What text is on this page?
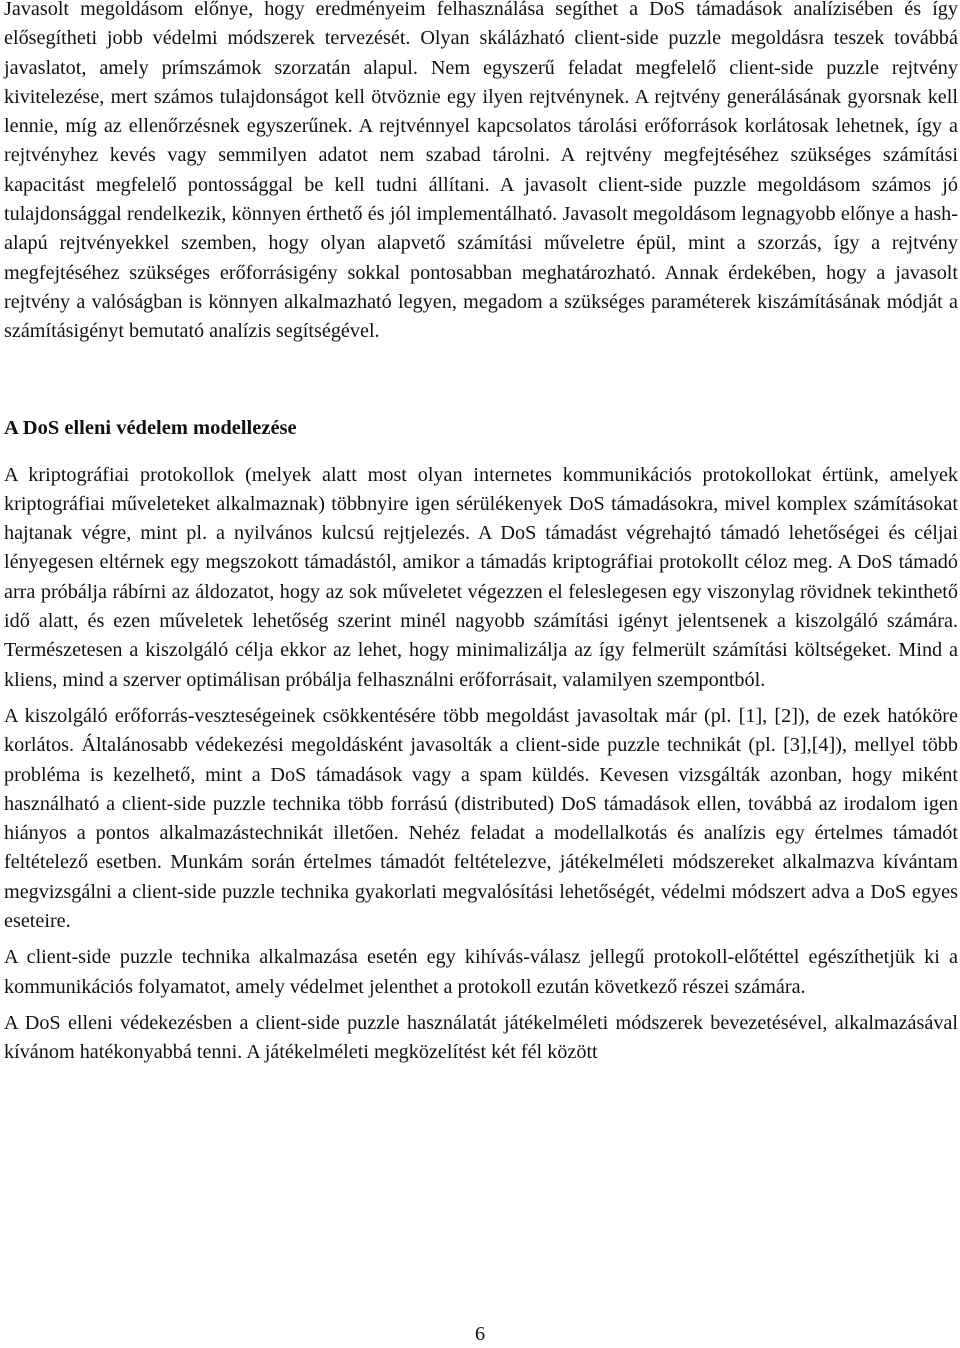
Javasolt megoldásom előnye, hogy eredményeim felhasználása segíthet a DoS támadások analízisében és így elősegítheti jobb védelmi módszerek tervezését. Olyan skálázható client-side puzzle megoldásra teszek továbbá javaslatot, amely prímszámok szorzatán alapul. Nem egyszerű feladat megfelelő client-side puzzle rejtvény kivitelezése, mert számos tulajdonságot kell ötvöznie egy ilyen rejtvénynek. A rejtvény generálásának gyorsnak kell lennie, míg az ellenőrzésnek egyszerűnek. A rejtvénnyel kapcsolatos tárolási erőforrások korlátosak lehetnek, így a rejtvényhez kevés vagy semmilyen adatot nem szabad tárolni. A rejtvény megfejtéséhez szükséges számítási kapacitást megfelelő pontossággal be kell tudni állítani. A javasolt client-side puzzle megoldásom számos jó tulajdonsággal rendelkezik, könnyen érthető és jól implementálható. Javasolt megoldásom legnagyobb előnye a hash-alapú rejtvényekkel szemben, hogy olyan alapvető számítási műveletre épül, mint a szorzás, így a rejtvény megfejtéséhez szükséges erőforrásigény sokkal pontosabban meghatározható. Annak érdekében, hogy a javasolt rejtvény a valóságban is könnyen alkalmazható legyen, megadom a szükséges paraméterek kiszámításának módját a számításigényt bemutató analízis segítségével.

A DoS elleni védelem modellezése

A kriptográfiai protokollok (melyek alatt most olyan internetes kommunikációs protokollokat értünk, amelyek kriptográfiai műveleteket alkalmaznak) többnyire igen sérülékenyek DoS támadásokra, mivel komplex számításokat hajtanak végre, mint pl. a nyilvános kulcsú rejtjelezés. A DoS támadást végrehajtó támadó lehetőségei és céljai lényegesen eltérnek egy megszokott támadástól, amikor a támadás kriptográfiai protokollt céloz meg. A DoS támadó arra próbálja rábírni az áldozatot, hogy az sok műveletet végezzen el feleslegesen egy viszonylag rövidnek tekinthető idő alatt, és ezen műveletek lehetőség szerint minél nagyobb számítási igényt jelentsenek a kiszolgáló számára. Természetesen a kiszolgáló célja ekkor az lehet, hogy minimalizálja az így felmerült számítási költségeket. Mind a kliens, mind a szerver optimálisan próbálja felhasználni erőforrásait, valamilyen szempontból.

A kiszolgáló erőforrás-veszteségeinek csökkentésére több megoldást javasoltak már (pl. [1], [2]), de ezek hatóköre korlátos. Általánosabb védekezési megoldásként javasolták a client-side puzzle technikát (pl. [3],[4]), mellyel több probléma is kezelhető, mint a DoS támadások vagy a spam küldés. Kevesen vizsgálták azonban, hogy miként használható a client-side puzzle technika több forrású (distributed) DoS támadások ellen, továbbá az irodalom igen hiányos a pontos alkalmazástechnikát illetően. Nehéz feladat a modellalkotás és analízis egy értelmes támadót feltételező esetben. Munkám során értelmes támadót feltételezve, játékelméleti módszereket alkalmazva kívántam megvizsgálni a client-side puzzle technika gyakorlati megvalósítási lehetőségét, védelmi módszert adva a DoS egyes eseteire.

A client-side puzzle technika alkalmazása esetén egy kihívás-válasz jellegű protokoll-előtéttel egészíthetjük ki a kommunikációs folyamatot, amely védelmet jelenthet a protokoll ezután következő részei számára.

A DoS elleni védekezésben a client-side puzzle használatát játékelméleti módszerek bevezetésével, alkalmazásával kívánom hatékonyabbá tenni. A játékelméleti megközelítést két fél között

6
